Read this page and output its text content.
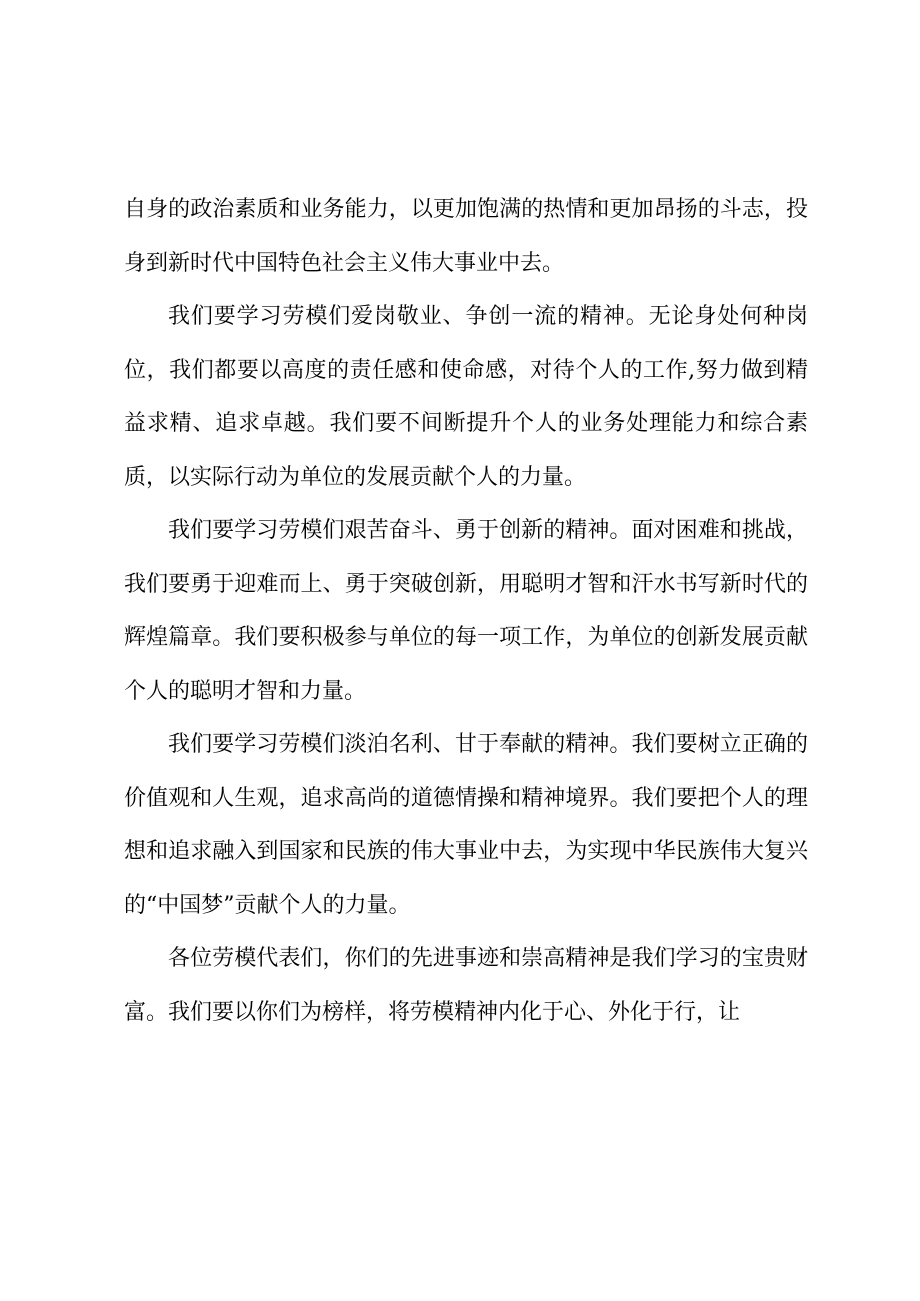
自身的政治素质和业务能力，以更加饱满的热情和更加昂扬的斗志，投身到新时代中国特色社会主义伟大事业中去。

我们要学习劳模们爱岗敬业、争创一流的精神。无论身处何种岗位，我们都要以高度的责任感和使命感，对待个人的工作,努力做到精益求精、追求卓越。我们要不间断提升个人的业务处理能力和综合素质，以实际行动为单位的发展贡献个人的力量。

我们要学习劳模们艰苦奋斗、勇于创新的精神。面对困难和挑战，我们要勇于迎难而上、勇于突破创新，用聪明才智和汗水书写新时代的辉煌篇章。我们要积极参与单位的每一项工作，为单位的创新发展贡献个人的聪明才智和力量。

我们要学习劳模们淡泊名利、甘于奉献的精神。我们要树立正确的价值观和人生观，追求高尚的道德情操和精神境界。我们要把个人的理想和追求融入到国家和民族的伟大事业中去，为实现中华民族伟大复兴的“中国梦”贡献个人的力量。

各位劳模代表们，你们的先进事迹和崇高精神是我们学习的宝贵财富。我们要以你们为榜样，将劳模精神内化于心、外化于行，让
